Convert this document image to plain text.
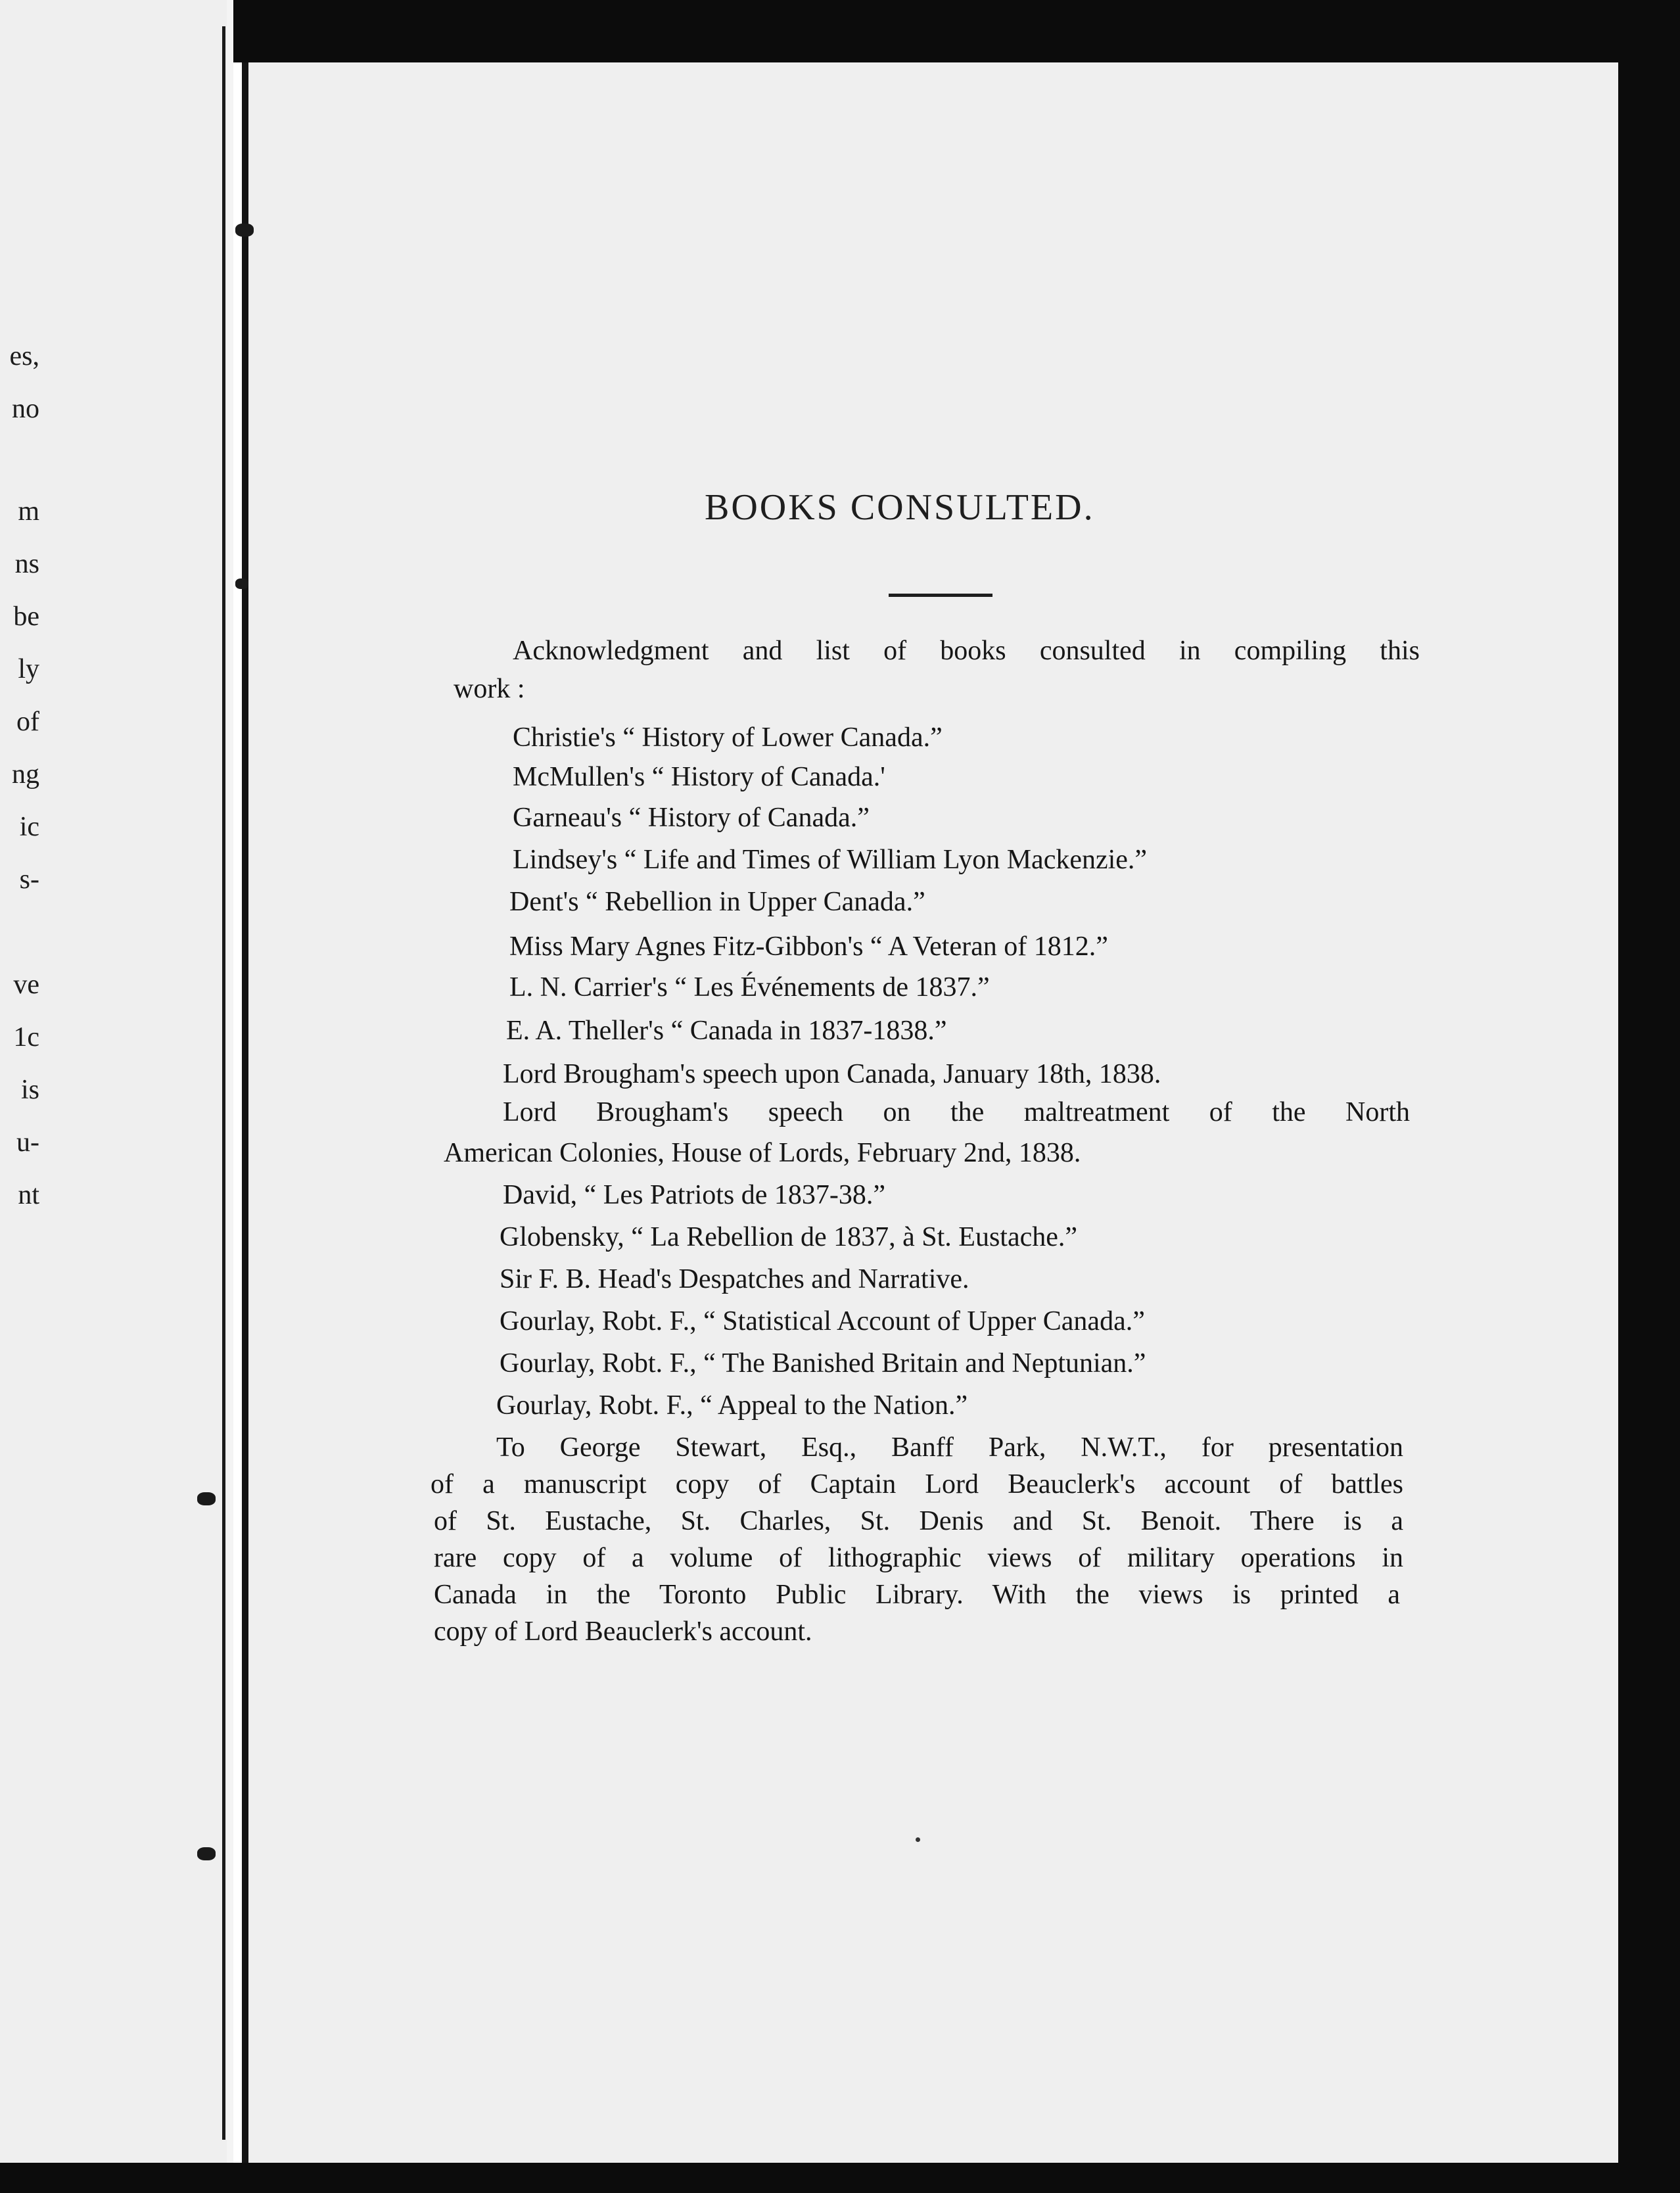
es,
no
m
ns
be
ly
of
ng
ic
s-
ve
1c
is
u-
nt
BOOKS CONSULTED.
Acknowledgment and list of books consulted in compiling this
work :
Christie's “ History of Lower Canada.”
McMullen's “ History of Canada.'
Garneau's “ History of Canada.”
Lindsey's “ Life and Times of William Lyon Mackenzie.”
Dent's “ Rebellion in Upper Canada.”
Miss Mary Agnes Fitz-Gibbon's “ A Veteran of 1812.”
L. N. Carrier's “ Les Événements de 1837.”
E. A. Theller's “ Canada in 1837-1838.”
Lord Brougham's speech upon Canada, January 18th, 1838.
Lord Brougham's speech on the maltreatment of the North
American Colonies, House of Lords, February 2nd, 1838.
David, “ Les Patriots de 1837-38.”
Globensky, “ La Rebellion de 1837, à St. Eustache.”
Sir F. B. Head's Despatches and Narrative.
Gourlay, Robt. F., “ Statistical Account of Upper Canada.”
Gourlay, Robt. F., “ The Banished Britain and Neptunian.”
Gourlay, Robt. F., “ Appeal to the Nation.”
To George Stewart, Esq., Banff Park, N.W.T., for presentation
of a manuscript copy of Captain Lord Beauclerk's account of battles
of St. Eustache, St. Charles, St. Denis and St. Benoit. There is a
rare copy of a volume of lithographic views of military operations in
Canada in the Toronto Public Library. With the views is printed a
copy of Lord Beauclerk's account.
